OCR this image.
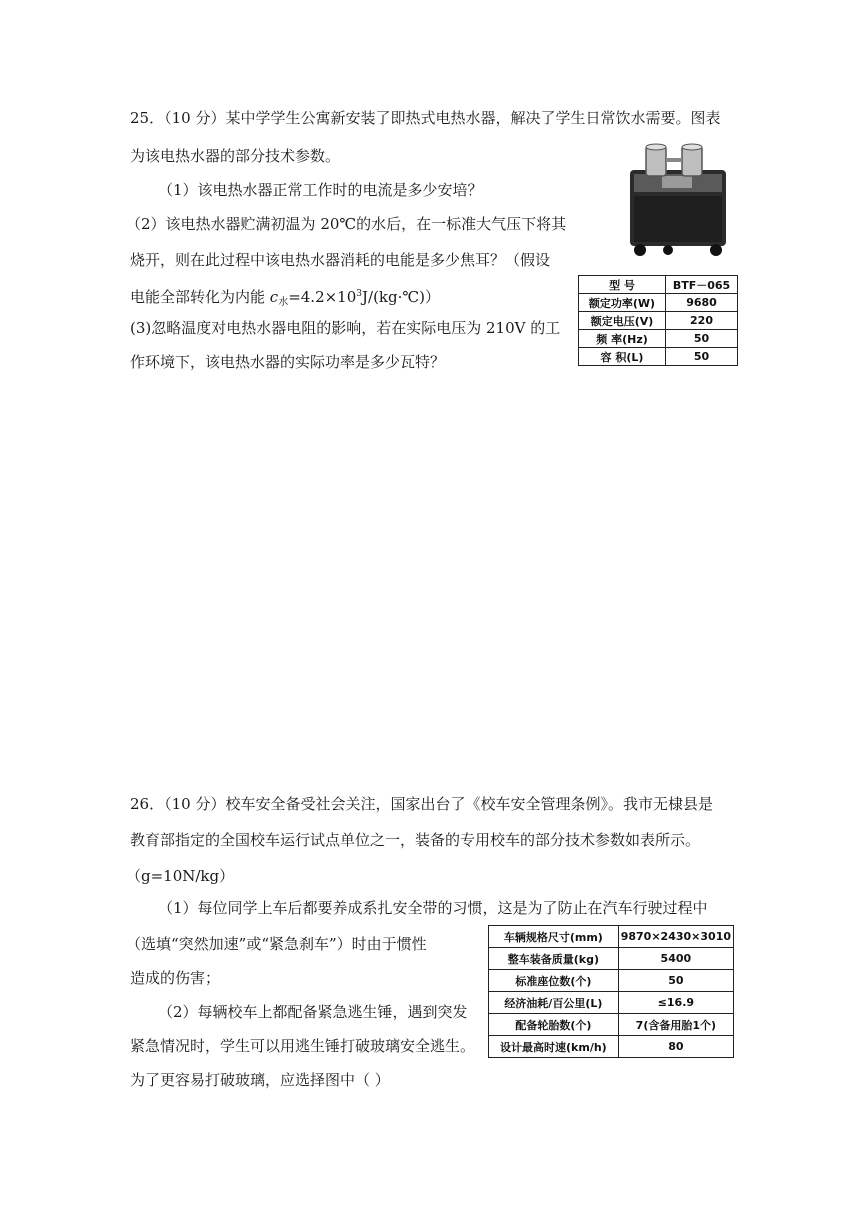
25．（10 分）某中学学生公寓新安装了即热式电热水器，解决了学生日常饮水需要。图表
为该电热水器的部分技术参数。
（1）该电热水器正常工作时的电流是多少安培？
（2）该电热水器贮满初温为 20℃的水后，在一标准大气压下将其
烧开，则在此过程中该电热水器消耗的电能是多少焦耳？（假设
电能全部转化为内能 $c_水=4.2\times 10^3J/(kg\cdot℃)$）
(3)忽略温度对电热水器电阻的影响，若在实际电压为 210V 的工
作环境下，该电热水器的实际功率是多少瓦特？
型 号	BTF－065
额定功率(W)	9680
额定电压(V)	220
频 率(Hz)	50
容 积(L)	50
26．（10 分）校车安全备受社会关注，国家出台了《校车安全管理条例》。我市无棣县是
教育部指定的全国校车运行试点单位之一，装备的专用校车的部分技术参数如表所示。
（g=10N/kg）
（1）每位同学上车后都要养成系扎安全带的习惯，这是为了防止在汽车行驶过程中
（选填“突然加速”或“紧急刹车”）时由于惯性
造成的伤害；
（2）每辆校车上都配备紧急逃生锤，遇到突发
紧急情况时，学生可以用逃生锤打破玻璃安全逃生。
为了更容易打破玻璃，应选择图中（ ）
车辆规格尺寸(mm)	9870×2430×3010
整车装备质量(kg)	5400
标准座位数(个)	50
经济油耗/百公里(L)	≤16.9
配备轮胎数(个)	7(含备用胎1个)
设计最高时速(km/h)	80
